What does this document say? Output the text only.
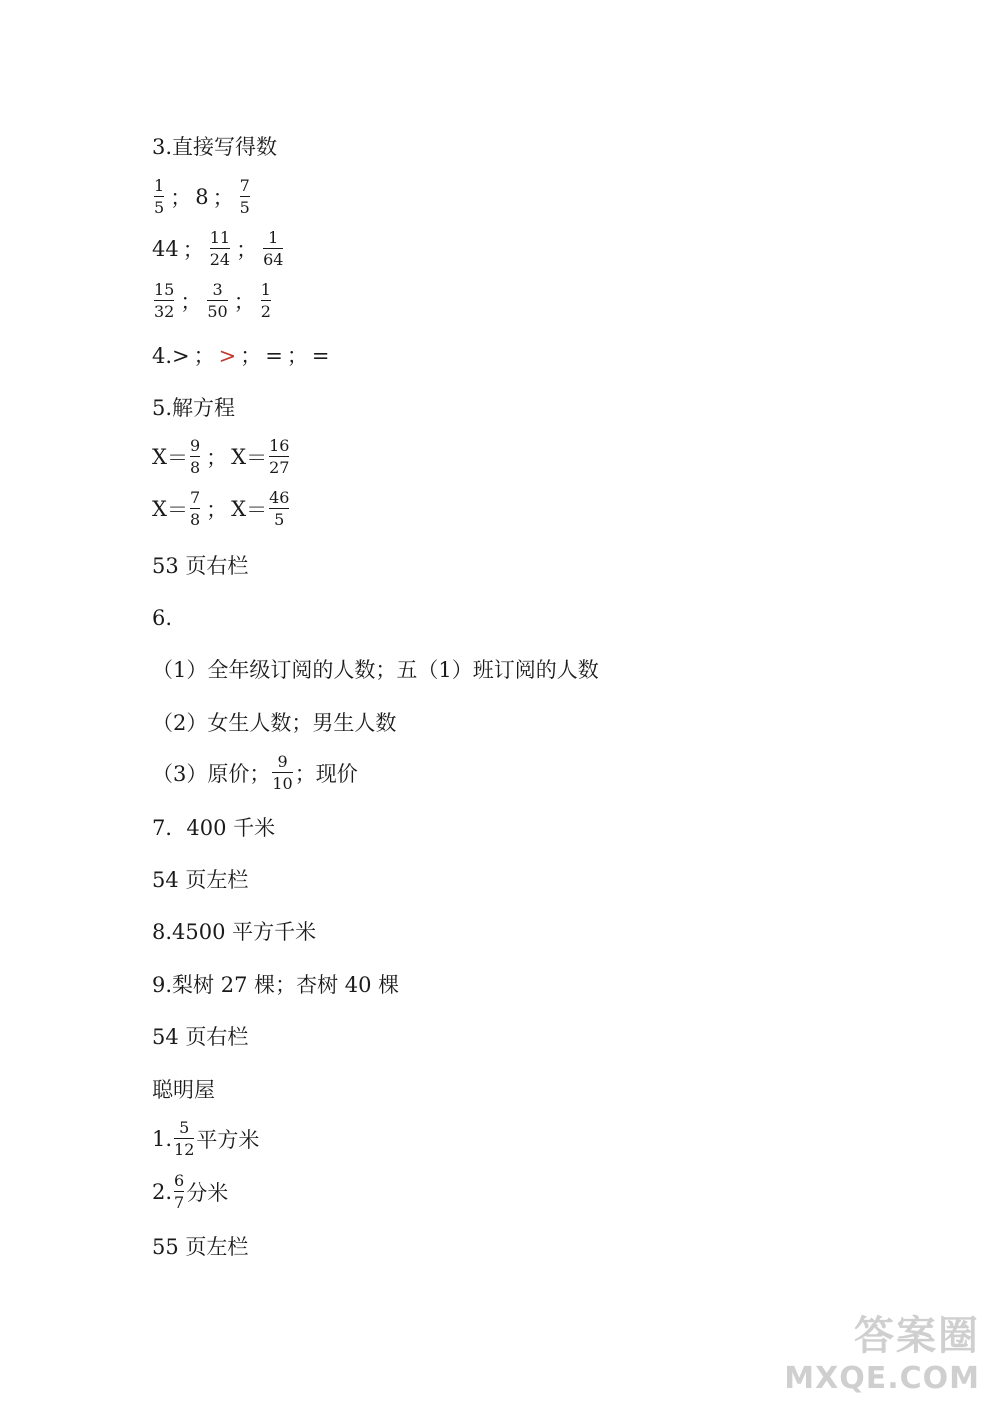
3.直接写得数
$\frac{1}{5}$ ； 8 ； $\frac{7}{5}$
44 ； $\frac{11}{24}$ ； $\frac{1}{64}$
$\frac{15}{32}$ ； $\frac{3}{50}$ ； $\frac{1}{2}$
4.> ； > ； = ； =
5.解方程
$X = \frac{9}{8}$ ； $X = \frac{16}{27}$
$X = \frac{7}{8}$ ； $X = \frac{46}{5}$
53 页右栏
6.
（1）全年级订阅的人数；五（1）班订阅的人数
（2）女生人数；男生人数
（3）原价； $\frac{9}{10}$ ；现价
7．400 千米
54 页左栏
8.4500 平方千米
9.梨树 27 棵；杏树 40 棵
54 页右栏
聪明屋
1. $\frac{5}{12}$ 平方米
2. $\frac{6}{7}$ 分米
55 页左栏
答案圈
MXQE.COM
